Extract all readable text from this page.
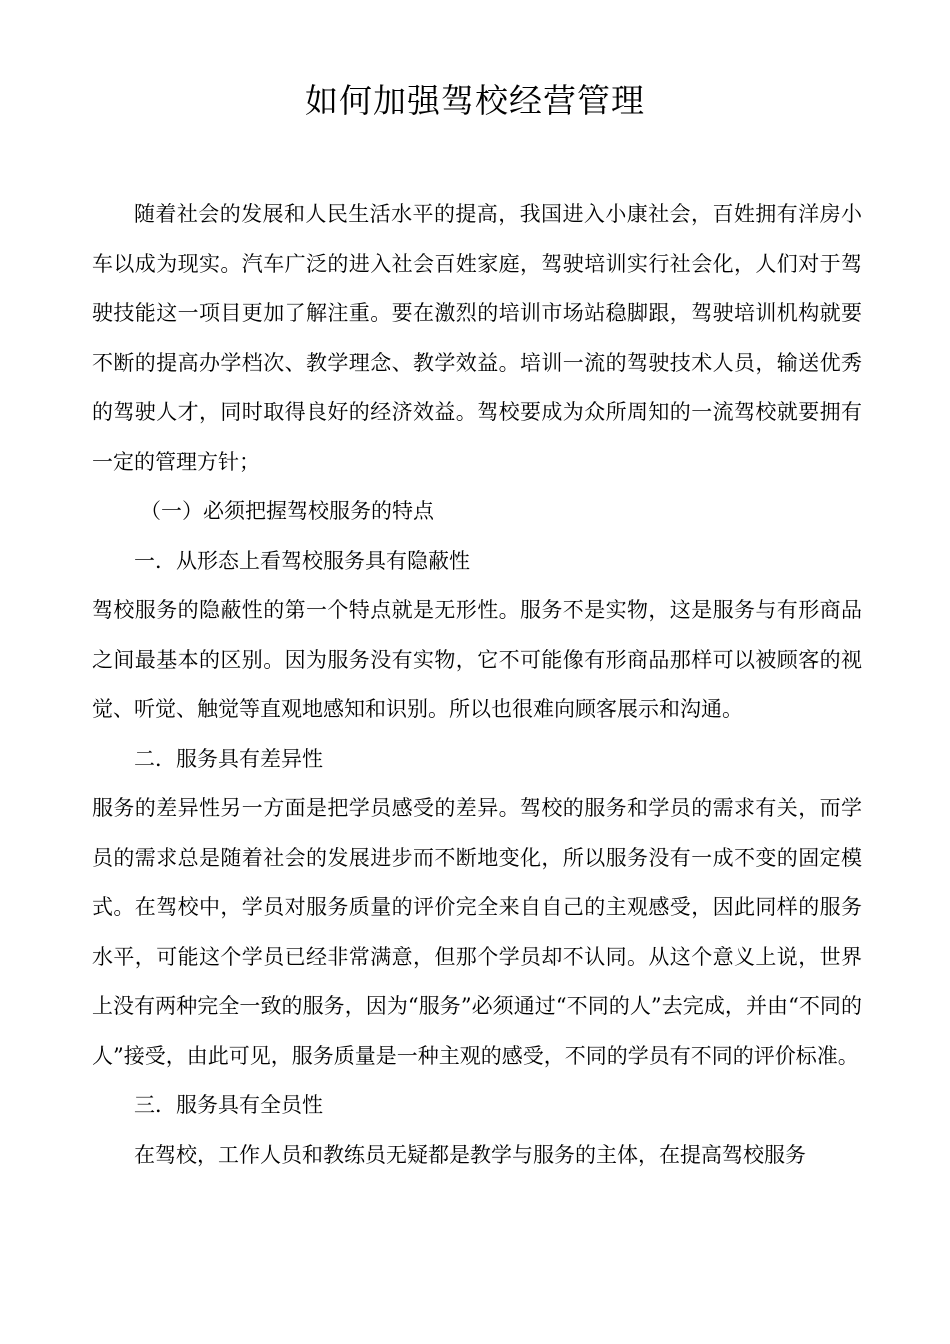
如何加强驾校经营管理

随着社会的发展和人民生活水平的提高，我国进入小康社会，百姓拥有洋房小车以成为现实。汽车广泛的进入社会百姓家庭，驾驶培训实行社会化，人们对于驾驶技能这一项目更加了解注重。要在激烈的培训市场站稳脚跟，驾驶培训机构就要不断的提高办学档次、教学理念、教学效益。培训一流的驾驶技术人员，输送优秀的驾驶人才，同时取得良好的经济效益。驾校要成为众所周知的一流驾校就要拥有一定的管理方针；

（一）必须把握驾校服务的特点

一．从形态上看驾校服务具有隐蔽性

驾校服务的隐蔽性的第一个特点就是无形性。服务不是实物，这是服务与有形商品之间最基本的区别。因为服务没有实物，它不可能像有形商品那样可以被顾客的视觉、听觉、触觉等直观地感知和识别。所以也很难向顾客展示和沟通。

二．服务具有差异性

服务的差异性另一方面是把学员感受的差异。驾校的服务和学员的需求有关，而学员的需求总是随着社会的发展进步而不断地变化，所以服务没有一成不变的固定模式。在驾校中，学员对服务质量的评价完全来自自己的主观感受，因此同样的服务水平，可能这个学员已经非常满意，但那个学员却不认同。从这个意义上说，世界上没有两种完全一致的服务，因为“服务”必须通过“不同的人”去完成，并由“不同的人”接受，由此可见，服务质量是一种主观的感受，不同的学员有不同的评价标准。

三．服务具有全员性

在驾校，工作人员和教练员无疑都是教学与服务的主体，在提高驾校服务
